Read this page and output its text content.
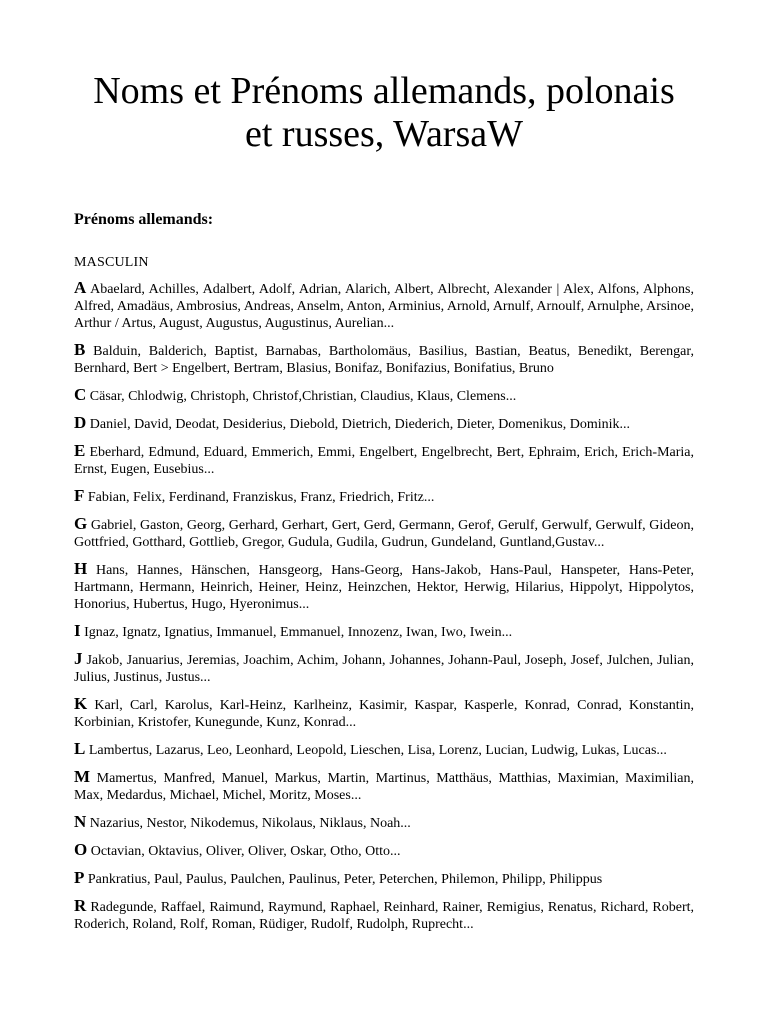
Noms et Prénoms allemands, polonais et russes, WarsaW
Prénoms allemands:
MASCULIN

A Abaelard, Achilles, Adalbert, Adolf, Adrian, Alarich, Albert, Albrecht, Alexander | Alex, Alfons, Alphons, Alfred, Amadäus, Ambrosius, Andreas, Anselm, Anton, Arminius, Arnold, Arnulf, Arnoulf, Arnulphe, Arsinoe, Arthur / Artus, August, Augustus, Augustinus, Aurelian...

B Balduin, Balderich, Baptist, Barnabas, Bartholomäus, Basilius, Bastian, Beatus, Benedikt, Berengar, Bernhard, Bert > Engelbert, Bertram, Blasius, Bonifaz, Bonifazius, Bonifatius, Bruno

C Cäsar, Chlodwig, Christoph, Christof,Christian, Claudius, Klaus, Clemens...

D Daniel, David, Deodat, Desiderius, Diebold, Dietrich, Diederich, Dieter, Domenikus, Dominik...

E Eberhard, Edmund, Eduard, Emmerich, Emmi, Engelbert, Engelbrecht, Bert, Ephraim, Erich, Erich-Maria, Ernst, Eugen, Eusebius...

F Fabian, Felix, Ferdinand, Franziskus, Franz, Friedrich, Fritz...

G Gabriel, Gaston, Georg, Gerhard, Gerhart, Gert, Gerd, Germann, Gerof, Gerulf, Gerwulf, Gerwulf, Gideon, Gottfried, Gotthard, Gottlieb, Gregor, Gudula, Gudila, Gudrun, Gundeland, Guntland,Gustav...

H Hans, Hannes, Hänschen, Hansgeorg, Hans-Georg, Hans-Jakob, Hans-Paul, Hanspeter, Hans-Peter, Hartmann, Hermann, Heinrich, Heiner, Heinz, Heinzchen, Hektor, Herwig, Hilarius, Hippolyt, Hippolytos, Honorius, Hubertus, Hugo, Hyeronimus...

I Ignaz, Ignatz, Ignatius, Immanuel, Emmanuel, Innozenz, Iwan, Iwo, Iwein...

J Jakob, Januarius, Jeremias, Joachim, Achim, Johann, Johannes, Johann-Paul, Joseph, Josef, Julchen, Julian, Julius, Justinus, Justus...

K Karl, Carl, Karolus, Karl-Heinz, Karlheinz, Kasimir, Kaspar, Kasperle, Konrad, Conrad, Konstantin, Korbinian, Kristofer, Kunegunde, Kunz, Konrad...

L Lambertus, Lazarus, Leo, Leonhard, Leopold, Lieschen, Lisa, Lorenz, Lucian, Ludwig, Lukas, Lucas...

M Mamertus, Manfred, Manuel, Markus, Martin, Martinus, Matthäus, Matthias, Maximian, Maximilian, Max, Medardus, Michael, Michel, Moritz, Moses...

N Nazarius, Nestor, Nikodemus, Nikolaus, Niklaus, Noah...

O Octavian, Oktavius, Oliver, Oliver, Oskar, Otho, Otto...

P Pankratius, Paul, Paulus, Paulchen, Paulinus, Peter, Peterchen, Philemon, Philipp, Philippus

R Radegunde, Raffael, Raimund, Raymund, Raphael, Reinhard, Rainer, Remigius, Renatus, Richard, Robert, Roderich, Roland, Rolf, Roman, Rüdiger, Rudolf, Rudolph, Ruprecht...
